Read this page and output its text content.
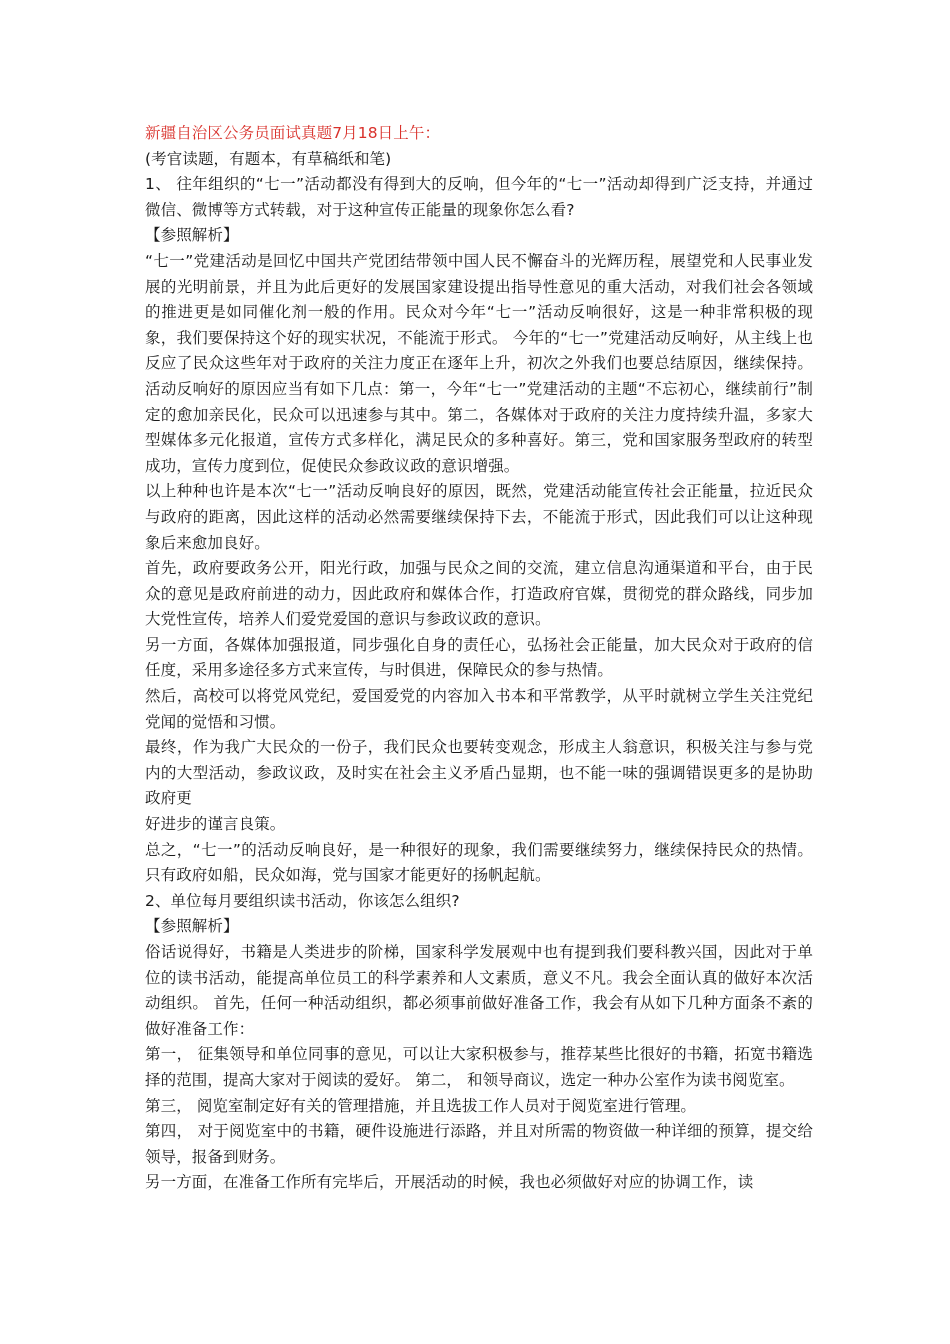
新疆自治区公务员面试真题7月18日上午：

(考官读题，有题本，有草稿纸和笔)

1、 往年组织的“七一”活动都没有得到大的反响，但今年的“七一”活动却得到广泛支持，并通过微信、微博等方式转载，对于这种宣传正能量的现象你怎么看?

【参照解析】

“七一”党建活动是回忆中国共产党团结带领中国人民不懈奋斗的光辉历程，展望党和人民事业发展的光明前景，并且为此后更好的发展国家建设提出指导性意见的重大活动，对我们社会各领域的推进更是如同催化剂一般的作用。民众对今年“七一”活动反响很好，这是一种非常积极的现象，我们要保持这个好的现实状况，不能流于形式。 今年的“七一”党建活动反响好，从主线上也反应了民众这些年对于政府的关注力度正在逐年上升，初次之外我们也要总结原因，继续保持。活动反响好的原因应当有如下几点：第一，今年“七一”党建活动的主题“不忘初心，继续前行”制定的愈加亲民化，民众可以迅速参与其中。第二，各媒体对于政府的关注力度持续升温，多家大型媒体多元化报道，宣传方式多样化，满足民众的多种喜好。第三，党和国家服务型政府的转型成功，宣传力度到位，促使民众参政议政的意识增强。

以上种种也许是本次“七一”活动反响良好的原因，既然，党建活动能宣传社会正能量，拉近民众与政府的距离，因此这样的活动必然需要继续保持下去，不能流于形式，因此我们可以让这种现象后来愈加良好。

首先，政府要政务公开，阳光行政，加强与民众之间的交流，建立信息沟通渠道和平台，由于民众的意见是政府前进的动力，因此政府和媒体合作，打造政府官媒，贯彻党的群众路线，同步加大党性宣传，培养人们爱党爱国的意识与参政议政的意识。

另一方面，各媒体加强报道，同步强化自身的责任心，弘扬社会正能量，加大民众对于政府的信任度，采用多途径多方式来宣传，与时俱进，保障民众的参与热情。

然后，高校可以将党风党纪，爱国爱党的内容加入书本和平常教学，从平时就树立学生关注党纪党闻的觉悟和习惯。

最终，作为我广大民众的一份子，我们民众也要转变观念，形成主人翁意识，积极关注与参与党内的大型活动，参政议政，及时实在社会主义矛盾凸显期，也不能一味的强调错误更多的是协助政府更

好进步的谨言良策。

总之，“七一”的活动反响良好，是一种很好的现象，我们需要继续努力，继续保持民众的热情。只有政府如船，民众如海，党与国家才能更好的扬帆起航。

2、单位每月要组织读书活动，你该怎么组织?

【参照解析】

俗话说得好，书籍是人类进步的阶梯，国家科学发展观中也有提到我们要科教兴国，因此对于单位的读书活动，能提高单位员工的科学素养和人文素质，意义不凡。我会全面认真的做好本次活动组织。 首先，任何一种活动组织，都必须事前做好准备工作，我会有从如下几种方面条不紊的做好准备工作：

第一， 征集领导和单位同事的意见，可以让大家积极参与，推荐某些比很好的书籍，拓宽书籍选择的范围，提高大家对于阅读的爱好。 第二， 和领导商议，选定一种办公室作为读书阅览室。

第三， 阅览室制定好有关的管理措施，并且选拔工作人员对于阅览室进行管理。

第四， 对于阅览室中的书籍，硬件设施进行添路，并且对所需的物资做一种详细的预算，提交给领导，报备到财务。

另一方面，在准备工作所有完毕后，开展活动的时候，我也必须做好对应的协调工作，读
